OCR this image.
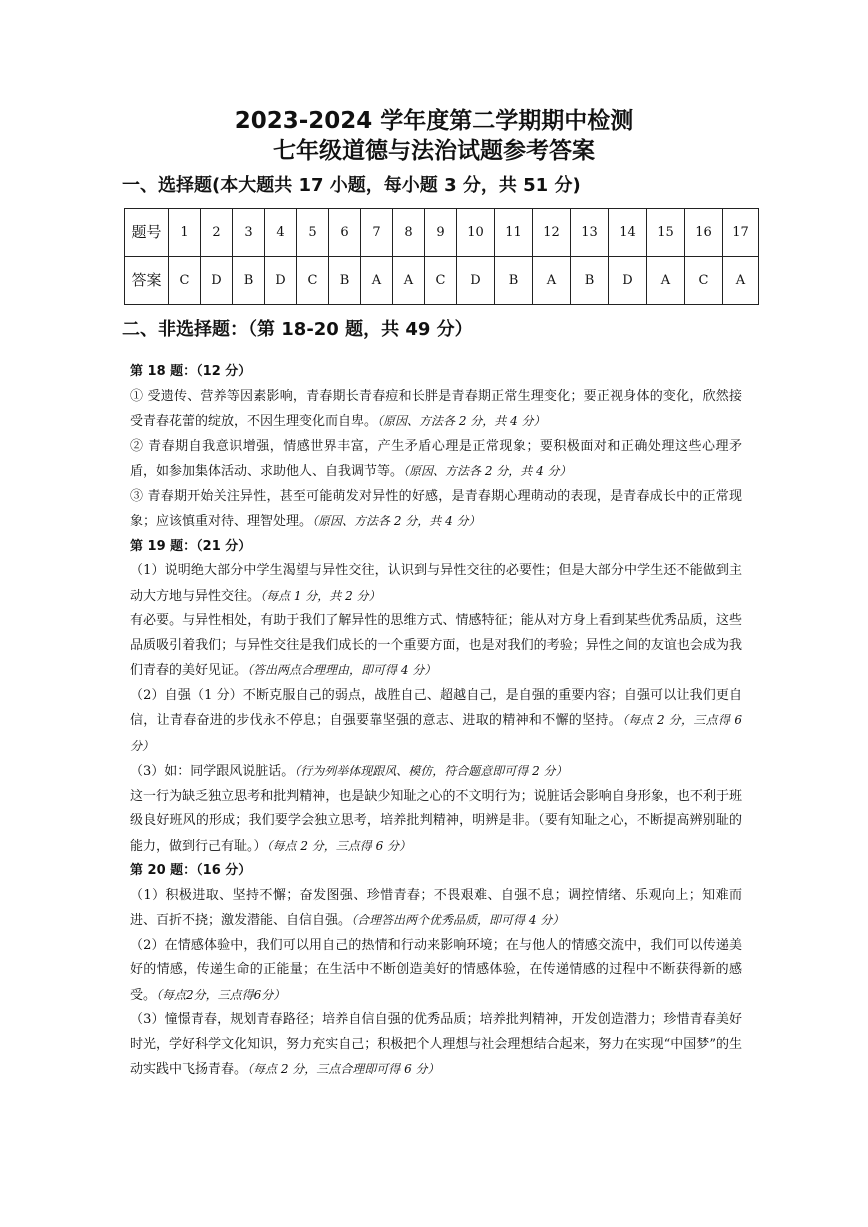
2023-2024 学年度第二学期期中检测
七年级道德与法治试题参考答案
一、选择题(本大题共 17 小题，每小题 3 分，共 51 分)
题号	1	2	3	4	5	6	7	8	9	10	11	12	13	14	15	16	17
答案	C	D	B	D	C	B	A	A	C	D	B	A	B	D	A	C	A
二、非选择题：（第 18-20 题，共 49 分）

第 18 题：（12 分）

① 受遗传、营养等因素影响，青春期长青春痘和长胖是青春期正常生理变化；要正视身体的变化，欣然接受青春花蕾的绽放，不因生理变化而自卑。（原因、方法各 2 分，共 4 分）

② 青春期自我意识增强，情感世界丰富，产生矛盾心理是正常现象；要积极面对和正确处理这些心理矛盾，如参加集体活动、求助他人、自我调节等。（原因、方法各 2 分，共 4 分）

③ 青春期开始关注异性，甚至可能萌发对异性的好感，是青春期心理萌动的表现，是青春成长中的正常现象；应该慎重对待、理智处理。（原因、方法各 2 分，共 4 分）

第 19 题：（21 分）

（1）说明绝大部分中学生渴望与异性交往，认识到与异性交往的必要性；但是大部分中学生还不能做到主动大方地与异性交往。（每点 1 分，共 2 分）

有必要。与异性相处，有助于我们了解异性的思维方式、情感特征；能从对方身上看到某些优秀品质，这些品质吸引着我们；与异性交往是我们成长的一个重要方面，也是对我们的考验；异性之间的友谊也会成为我们青春的美好见证。（答出两点合理理由，即可得 4 分）

（2）自强（1 分）不断克服自己的弱点，战胜自己、超越自己，是自强的重要内容；自强可以让我们更自信，让青春奋进的步伐永不停息；自强要靠坚强的意志、进取的精神和不懈的坚持。（每点 2 分，三点得 6 分）

（3）如：同学跟风说脏话。（行为列举体现跟风、模仿，符合题意即可得 2 分）

这一行为缺乏独立思考和批判精神，也是缺少知耻之心的不文明行为；说脏话会影响自身形象，也不利于班级良好班风的形成；我们要学会独立思考，培养批判精神，明辨是非。（要有知耻之心，不断提高辨别耻的能力，做到行己有耻。）（每点 2 分，三点得 6 分）

第 20 题：（16 分）

（1）积极进取、坚持不懈；奋发图强、珍惜青春；不畏艰难、自强不息；调控情绪、乐观向上；知难而进、百折不挠；激发潜能、自信自强。（合理答出两个优秀品质，即可得 4 分）

（2）在情感体验中，我们可以用自己的热情和行动来影响环境；在与他人的情感交流中，我们可以传递美好的情感，传递生命的正能量；在生活中不断创造美好的情感体验，在传递情感的过程中不断获得新的感受。（每点2分，三点得6分）

（3）憧憬青春，规划青春路径；培养自信自强的优秀品质；培养批判精神，开发创造潜力；珍惜青春美好时光，学好科学文化知识，努力充实自己；积极把个人理想与社会理想结合起来，努力在实现“中国梦”的生动实践中飞扬青春。（每点 2 分，三点合理即可得 6 分）
